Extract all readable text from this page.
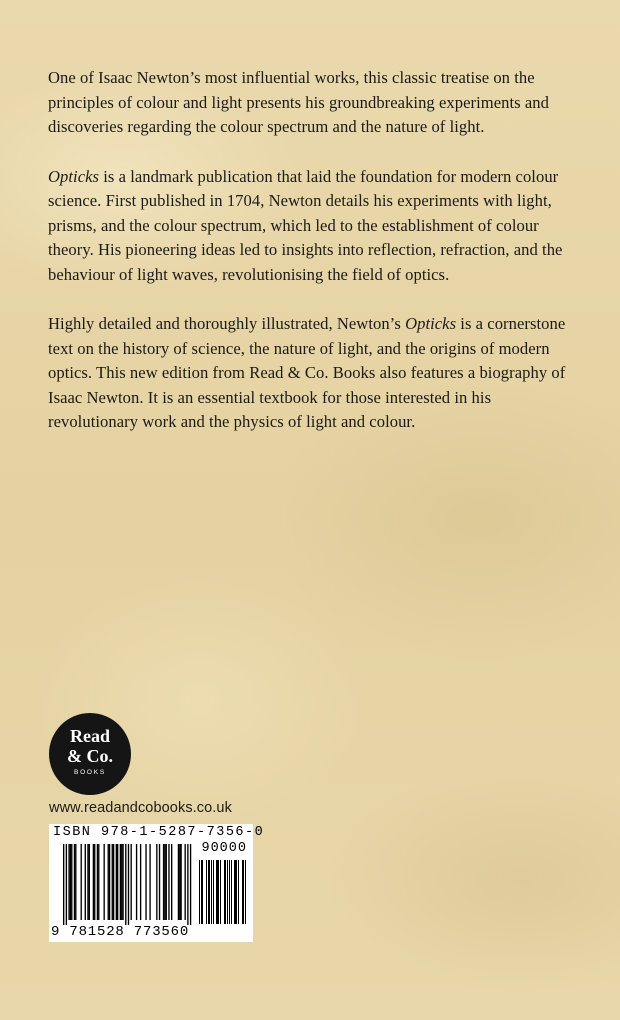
One of Isaac Newton’s most influential works, this classic treatise on the principles of colour and light presents his groundbreaking experiments and discoveries regarding the colour spectrum and the nature of light.

Opticks is a landmark publication that laid the foundation for modern colour science. First published in 1704, Newton details his experiments with light, prisms, and the colour spectrum, which led to the establishment of colour theory. His pioneering ideas led to insights into reflection, refraction, and the behaviour of light waves, revolutionising the field of optics.

Highly detailed and thoroughly illustrated, Newton’s Opticks is a cornerstone text on the history of science, the nature of light, and the origins of modern optics. This new edition from Read & Co. Books also features a biography of Isaac Newton. It is an essential textbook for those interested in his revolutionary work and the physics of light and colour.

Read
& Co.
BOOKS
www.readandcobooks.co.uk
ISBN 978-1-5287-7356-0
90000
9 781528 773560
